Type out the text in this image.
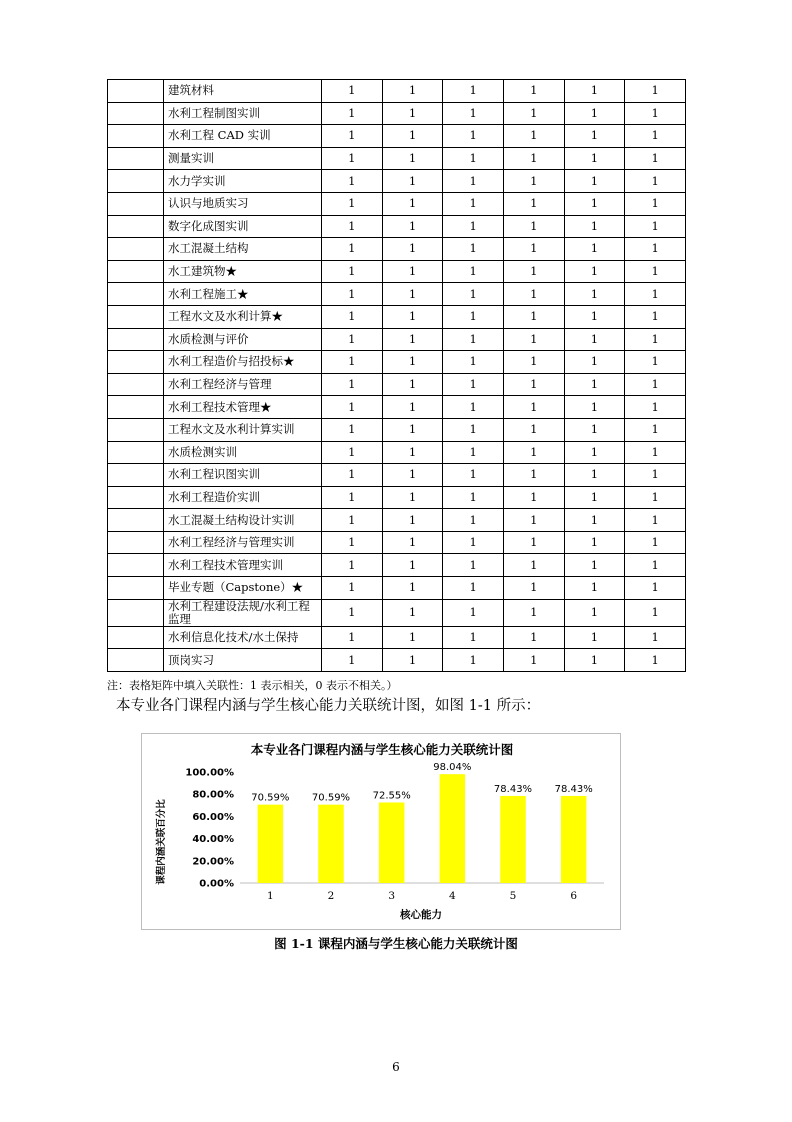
	建筑材料	1	1	1	1	1	1
	水利工程制图实训	1	1	1	1	1	1
	水利工程 CAD 实训	1	1	1	1	1	1
	测量实训	1	1	1	1	1	1
	水力学实训	1	1	1	1	1	1
	认识与地质实习	1	1	1	1	1	1
	数字化成图实训	1	1	1	1	1	1
	水工混凝土结构	1	1	1	1	1	1
	水工建筑物★	1	1	1	1	1	1
	水利工程施工★	1	1	1	1	1	1
	工程水文及水利计算★	1	1	1	1	1	1
	水质检测与评价	1	1	1	1	1	1
	水利工程造价与招投标★	1	1	1	1	1	1
	水利工程经济与管理	1	1	1	1	1	1
	水利工程技术管理★	1	1	1	1	1	1
	工程水文及水利计算实训	1	1	1	1	1	1
	水质检测实训	1	1	1	1	1	1
	水利工程识图实训	1	1	1	1	1	1
	水利工程造价实训	1	1	1	1	1	1
	水工混凝土结构设计实训	1	1	1	1	1	1
	水利工程经济与管理实训	1	1	1	1	1	1
	水利工程技术管理实训	1	1	1	1	1	1
	毕业专题（Capstone）★	1	1	1	1	1	1
	水利工程建设法规/水利工程监理	1	1	1	1	1	1
	水利信息化技术/水土保持	1	1	1	1	1	1
	顶岗实习	1	1	1	1	1	1
注：表格矩阵中填入关联性：1 表示相关，0 表示不相关。）
本专业各门课程内涵与学生核心能力关联统计图，如图 1-1 所示：
本专业各门课程内涵与学生核心能力关联统计图
课程内涵关联百分比
核心能力
0.00%
20.00%
40.00%
60.00%
80.00%
100.00%
70.59%
1
70.59%
2
72.55%
3
98.04%
4
78.43%
5
78.43%
6
图 1-1 课程内涵与学生核心能力关联统计图
6
